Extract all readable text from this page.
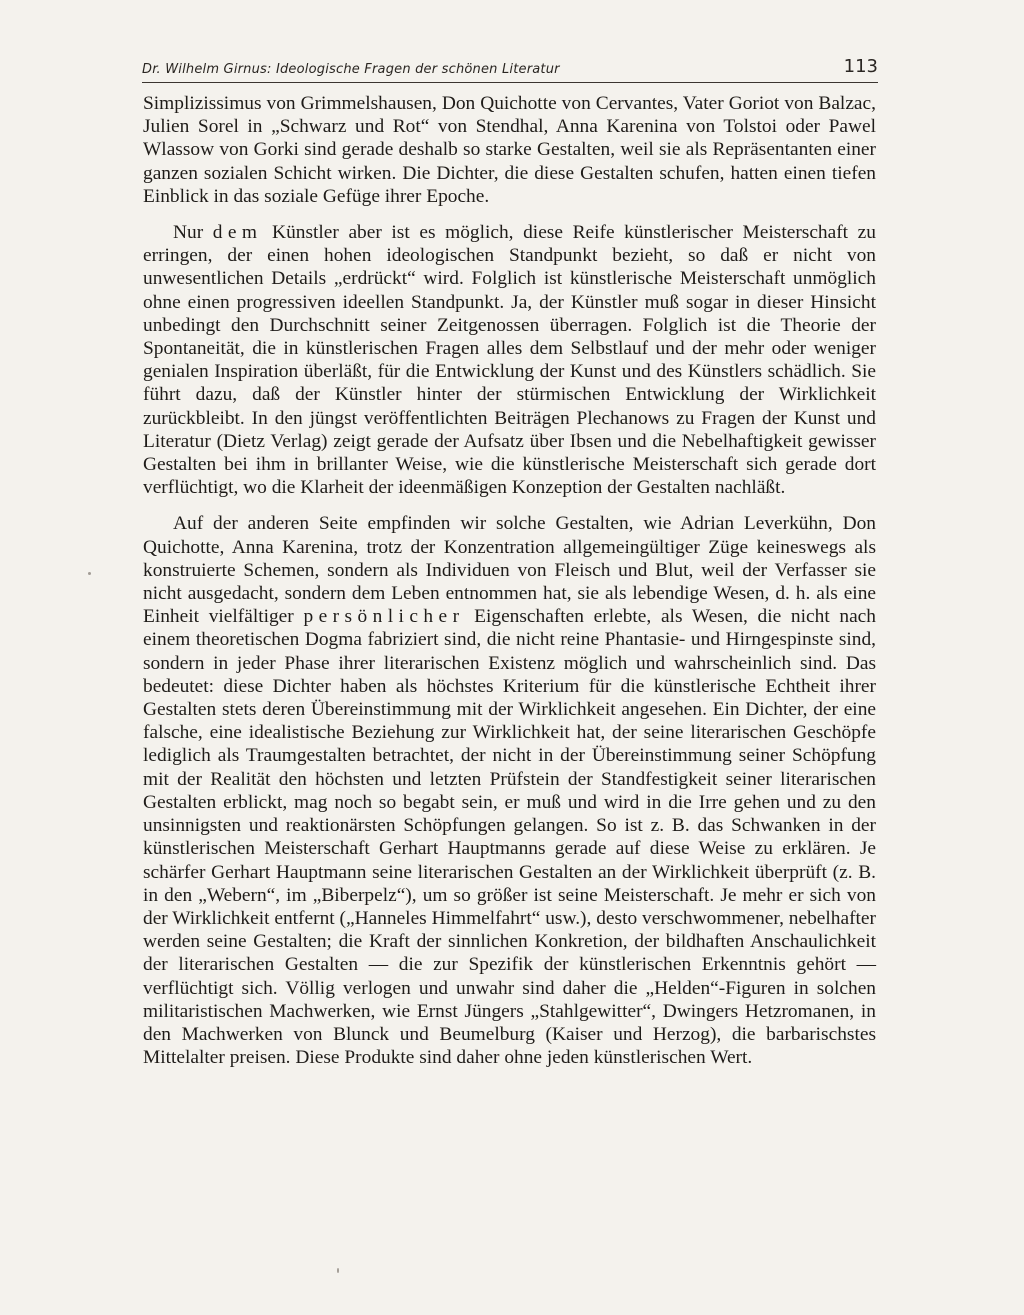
Dr. Wilhelm Girnus: Ideologische Fragen der schönen Literatur	113

Simplizissimus von Grimmelshausen, Don Quichotte von Cervantes, Vater Goriot von Balzac, Julien Sorel in „Schwarz und Rot“ von Stendhal, Anna Karenina von Tolstoi oder Pawel Wlassow von Gorki sind gerade deshalb so starke Gestalten, weil sie als Repräsentanten einer ganzen sozialen Schicht wirken. Die Dichter, die diese Gestalten schufen, hatten einen tiefen Einblick in das soziale Gefüge ihrer Epoche.

Nur dem Künstler aber ist es möglich, diese Reife künstlerischer Meisterschaft zu erringen, der einen hohen ideologischen Standpunkt bezieht, so daß er nicht von unwesentlichen Details „erdrückt“ wird. Folglich ist künstlerische Meisterschaft unmöglich ohne einen progressiven ideellen Standpunkt. Ja, der Künstler muß sogar in dieser Hinsicht unbedingt den Durchschnitt seiner Zeitgenossen überragen. Folglich ist die Theorie der Spontaneität, die in künstlerischen Fragen alles dem Selbstlauf und der mehr oder weniger genialen Inspiration überläßt, für die Entwicklung der Kunst und des Künstlers schädlich. Sie führt dazu, daß der Künstler hinter der stürmischen Entwicklung der Wirklichkeit zurückbleibt. In den jüngst veröffentlichten Beiträgen Plechanows zu Fragen der Kunst und Literatur (Dietz Verlag) zeigt gerade der Aufsatz über Ibsen und die Nebelhaftigkeit gewisser Gestalten bei ihm in brillanter Weise, wie die künstlerische Meisterschaft sich gerade dort verflüchtigt, wo die Klarheit der ideenmäßigen Konzeption der Gestalten nachläßt.

Auf der anderen Seite empfinden wir solche Gestalten, wie Adrian Leverkühn, Don Quichotte, Anna Karenina, trotz der Konzentration allgemeingültiger Züge keineswegs als konstruierte Schemen, sondern als Individuen von Fleisch und Blut, weil der Verfasser sie nicht ausgedacht, sondern dem Leben entnommen hat, sie als lebendige Wesen, d. h. als eine Einheit vielfältiger persönlicher Eigenschaften erlebte, als Wesen, die nicht nach einem theoretischen Dogma fabriziert sind, die nicht reine Phantasie- und Hirngespinste sind, sondern in jeder Phase ihrer literarischen Existenz möglich und wahrscheinlich sind. Das bedeutet: diese Dichter haben als höchstes Kriterium für die künstlerische Echtheit ihrer Gestalten stets deren Übereinstimmung mit der Wirklichkeit angesehen. Ein Dichter, der eine falsche, eine idealistische Beziehung zur Wirklichkeit hat, der seine literarischen Geschöpfe lediglich als Traumgestalten betrachtet, der nicht in der Übereinstimmung seiner Schöpfung mit der Realität den höchsten und letzten Prüfstein der Standfestigkeit seiner literarischen Gestalten erblickt, mag noch so begabt sein, er muß und wird in die Irre gehen und zu den unsinnigsten und reaktionärsten Schöpfungen gelangen. So ist z. B. das Schwanken in der künstlerischen Meisterschaft Gerhart Hauptmanns gerade auf diese Weise zu erklären. Je schärfer Gerhart Hauptmann seine literarischen Gestalten an der Wirklichkeit überprüft (z. B. in den „Webern“, im „Biberpelz“), um so größer ist seine Meisterschaft. Je mehr er sich von der Wirklichkeit entfernt („Hanneles Himmelfahrt“ usw.), desto verschwommener, nebelhafter werden seine Gestalten; die Kraft der sinnlichen Konkretion, der bildhaften Anschaulichkeit der literarischen Gestalten — die zur Spezifik der künstlerischen Erkenntnis gehört — verflüchtigt sich. Völlig verlogen und unwahr sind daher die „Helden“-Figuren in solchen militaristischen Machwerken, wie Ernst Jüngers „Stahlgewitter“, Dwingers Hetzromanen, in den Machwerken von Blunck und Beumelburg (Kaiser und Herzog), die barbarischstes Mittelalter preisen. Diese Produkte sind daher ohne jeden künstlerischen Wert.
